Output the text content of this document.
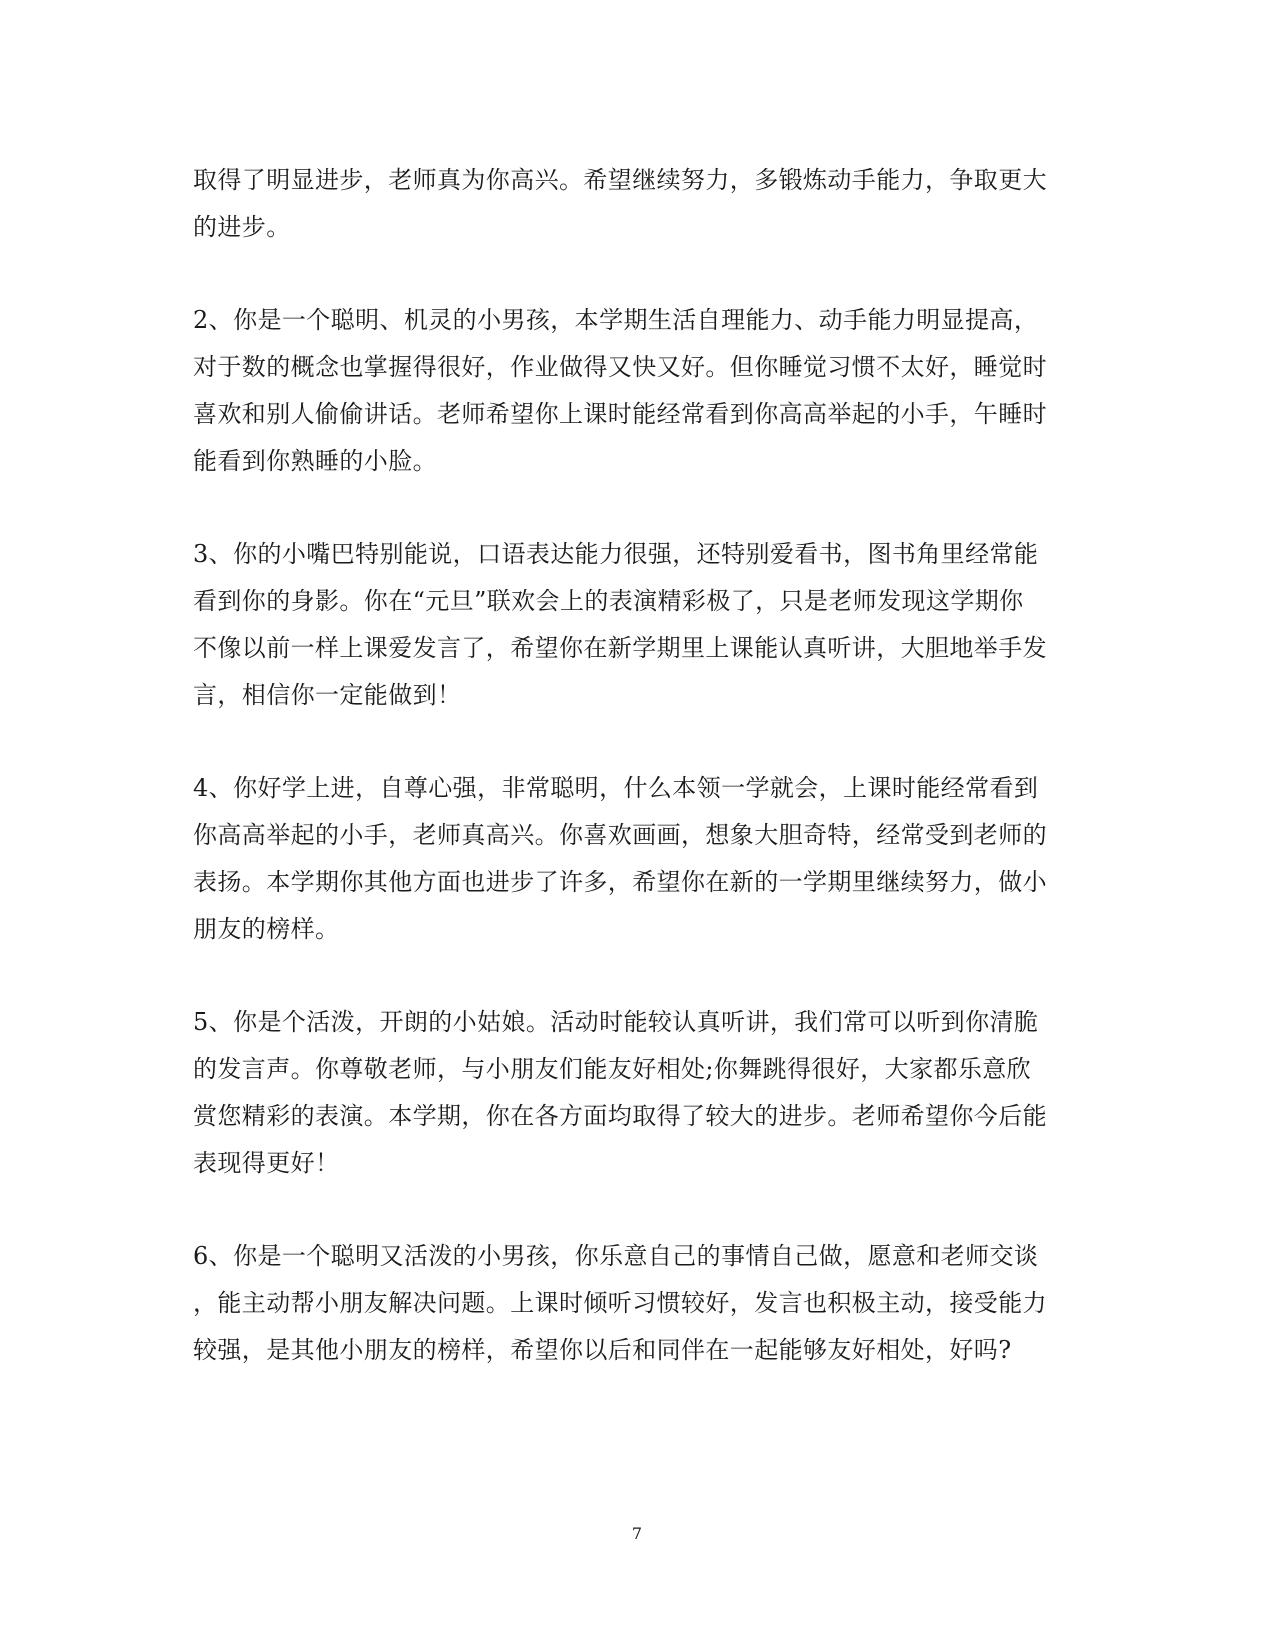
取得了明显进步，老师真为你高兴。希望继续努力，多锻炼动手能力，争取更大
的进步。

2、你是一个聪明、机灵的小男孩，本学期生活自理能力、动手能力明显提高，
对于数的概念也掌握得很好，作业做得又快又好。但你睡觉习惯不太好，睡觉时
喜欢和别人偷偷讲话。老师希望你上课时能经常看到你高高举起的小手，午睡时
能看到你熟睡的小脸。

3、你的小嘴巴特别能说，口语表达能力很强，还特别爱看书，图书角里经常能
看到你的身影。你在“元旦”联欢会上的表演精彩极了，只是老师发现这学期你
不像以前一样上课爱发言了，希望你在新学期里上课能认真听讲，大胆地举手发
言，相信你一定能做到！

4、你好学上进，自尊心强，非常聪明，什么本领一学就会，上课时能经常看到
你高高举起的小手，老师真高兴。你喜欢画画，想象大胆奇特，经常受到老师的
表扬。本学期你其他方面也进步了许多，希望你在新的一学期里继续努力，做小
朋友的榜样。

5、你是个活泼，开朗的小姑娘。活动时能较认真听讲，我们常可以听到你清脆
的发言声。你尊敬老师，与小朋友们能友好相处;你舞跳得很好，大家都乐意欣
赏您精彩的表演。本学期，你在各方面均取得了较大的进步。老师希望你今后能
表现得更好！

6、你是一个聪明又活泼的小男孩，你乐意自己的事情自己做，愿意和老师交谈
，能主动帮小朋友解决问题。上课时倾听习惯较好，发言也积极主动，接受能力
较强，是其他小朋友的榜样，希望你以后和同伴在一起能够友好相处，好吗?

7
